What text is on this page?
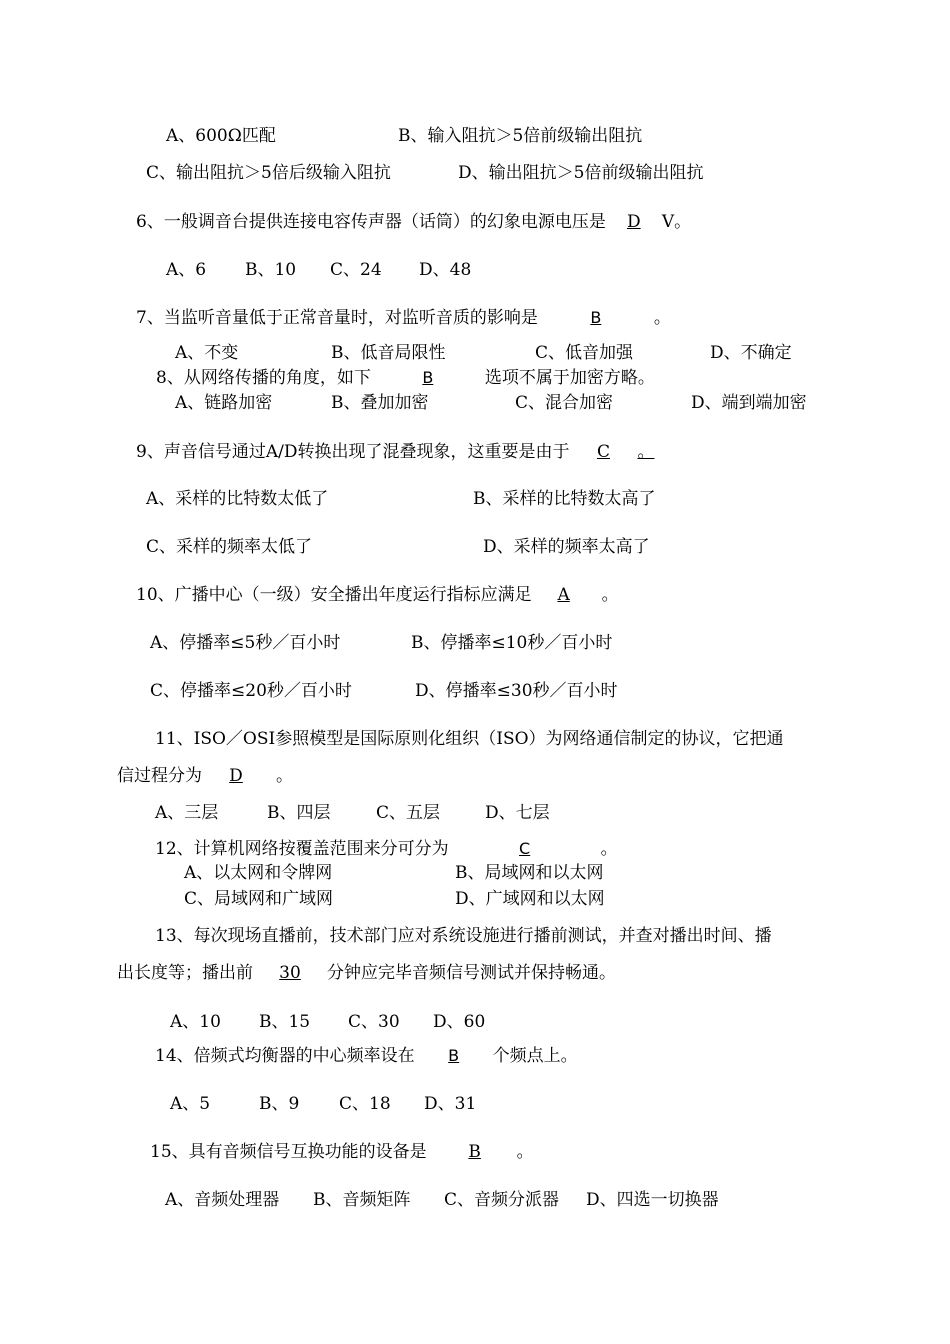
A、600Ω匹配	B、输入阻抗＞5倍前级输出阻抗
C、输出阻抗＞5倍后级输入阻抗	D、输出阻抗＞5倍前级输出阻抗
6、一般调音台提供连接电容传声器（话筒）的幻象电源电压是 D V。
A、6 B、10 C、24 D、48
7、当监听音量低于正常音量时，对监听音质的影响是	B	。
A、不变	B、低音局限性	C、低音加强	D、不确定
8、从网络传播的角度，如下	B	选项不属于加密方略。
A、链路加密	B、叠加加密	C、混合加密	D、端到端加密
9、声音信号通过A/D转换出现了混叠现象，这重要是由于 C 。
A、采样的比特数太低了	B、采样的比特数太高了
C、采样的频率太低了	D、采样的频率太高了
10、广播中心（一级）安全播出年度运行指标应满足 A 。
A、停播率≤5秒／百小时	B、停播率≤10秒／百小时
C、停播率≤20秒／百小时	D、停播率≤30秒／百小时
11、ISO／OSI参照模型是国际原则化组织（ISO）为网络通信制定的协议，它把通
信过程分为 D 。
A、三层	B、四层	C、五层	D、七层
12、计算机网络按覆盖范围来分可分为	C	。
A、以太网和令牌网	B、局域网和以太网
C、局域网和广域网	D、广域网和以太网
13、每次现场直播前，技术部门应对系统设施进行播前测试，并查对播出时间、播
出长度等；播出前 30 分钟应完毕音频信号测试并保持畅通。
A、10 B、15 C、30 D、60
14、倍频式均衡器的中心频率设在 B 个频点上。
A、5	B、9 C、18 D、31
15、具有音频信号互换功能的设备是 B 。
A、音频处理器 B、音频矩阵 C、音频分派器 D、四选一切换器
